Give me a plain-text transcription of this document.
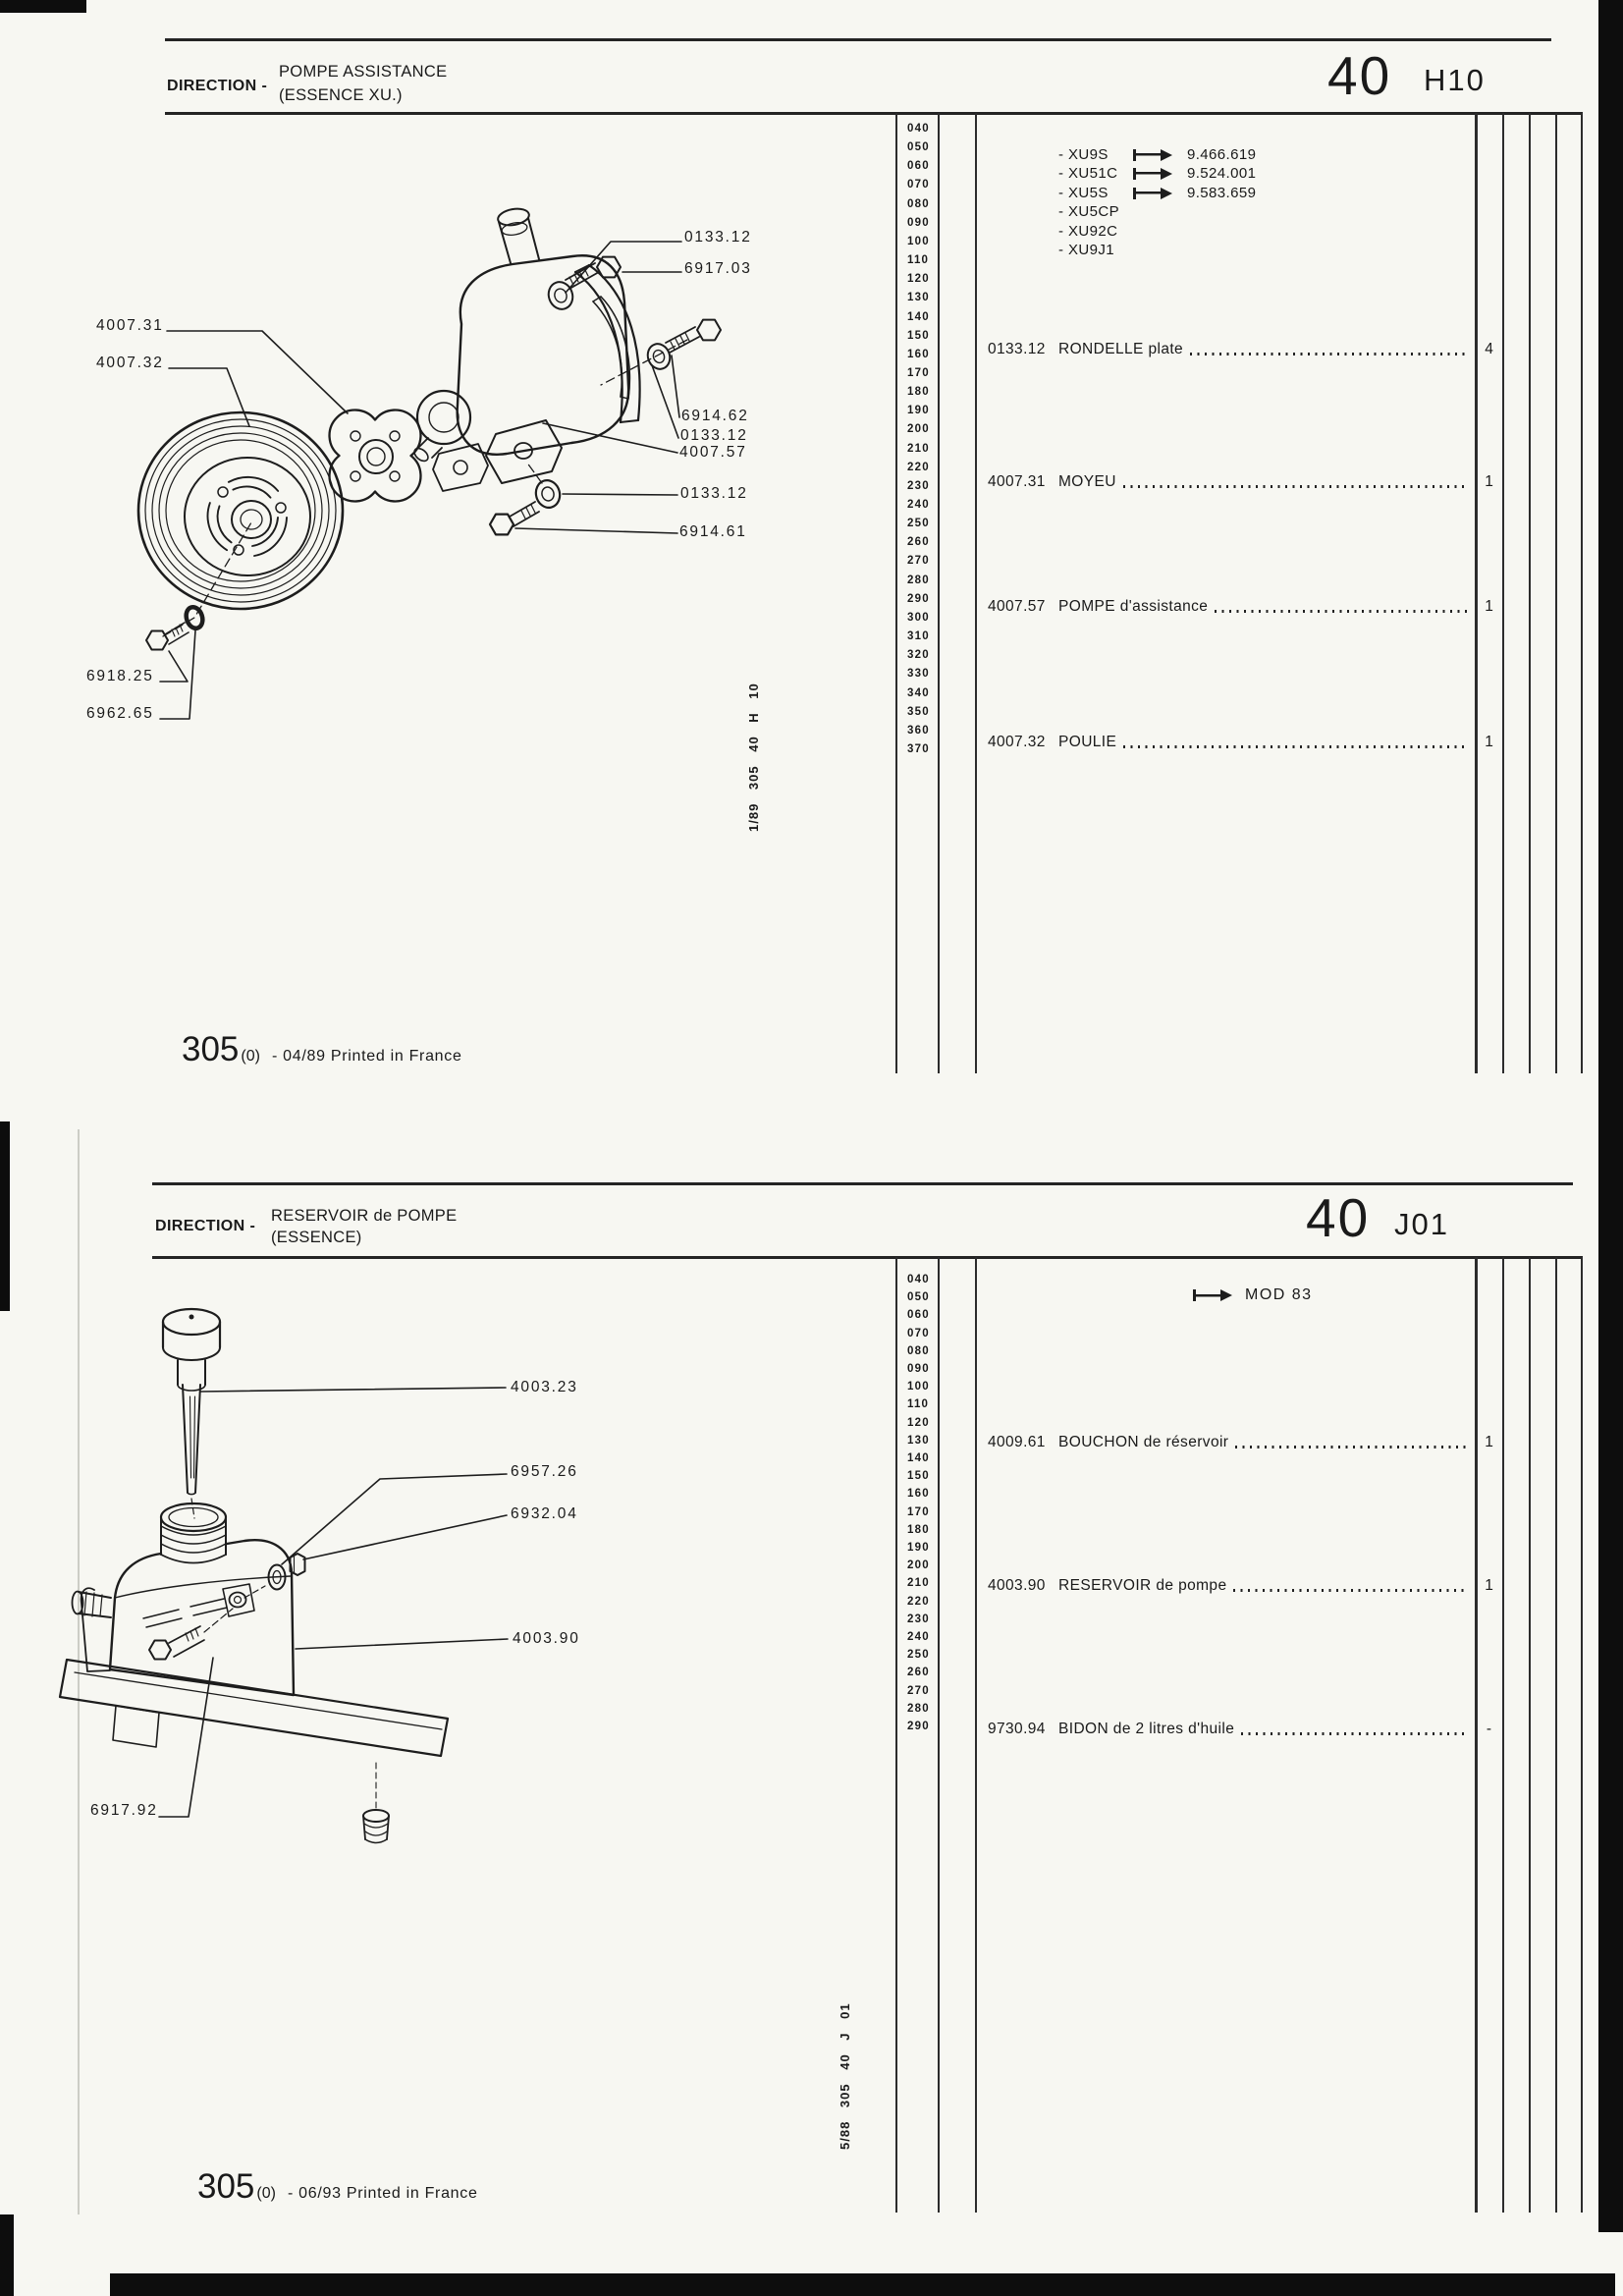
DIRECTION -
POMPE ASSISTANCE
(ESSENCE XU.)	40 H10
040
050
060
070
080
090
100
110
120
130
140
150
160
170
180
190
200
210
220
230
240
250
260
270
280
290
300
310
320
330
340
350
360
370
- XU9S	9.466.619
- XU51C	9.524.001
- XU5S	9.583.659
- XU5CP
- XU92C
- XU9J1
0133.12 RONDELLE plate	4
4007.31 MOYEU	1
4007.57 POMPE d'assistance	1
4007.32 POULIE	1
0133.12
6917.03
6914.62
0133.12
4007.57
0133.12
6914.61
4007.31
4007.32
6918.25
6962.65	1/89 305 40 H 10
305 (0) - 04/89 Printed in France
DIRECTION -
RESERVOIR de POMPE
(ESSENCE)	40 J01
040
050
060
070
080
090
100
110
120
130
140
150
160
170
180
190
200
210
220
230
240
250
260
270
280
290
MOD 83
4009.61 BOUCHON de réservoir	1
4003.90 RESERVOIR de pompe	1
9730.94 BIDON de 2 litres d'huile	-
4003.23
6957.26
6932.04
4003.90
6917.92
5/88 305 40 J 01
305 (0) - 06/93 Printed in France
